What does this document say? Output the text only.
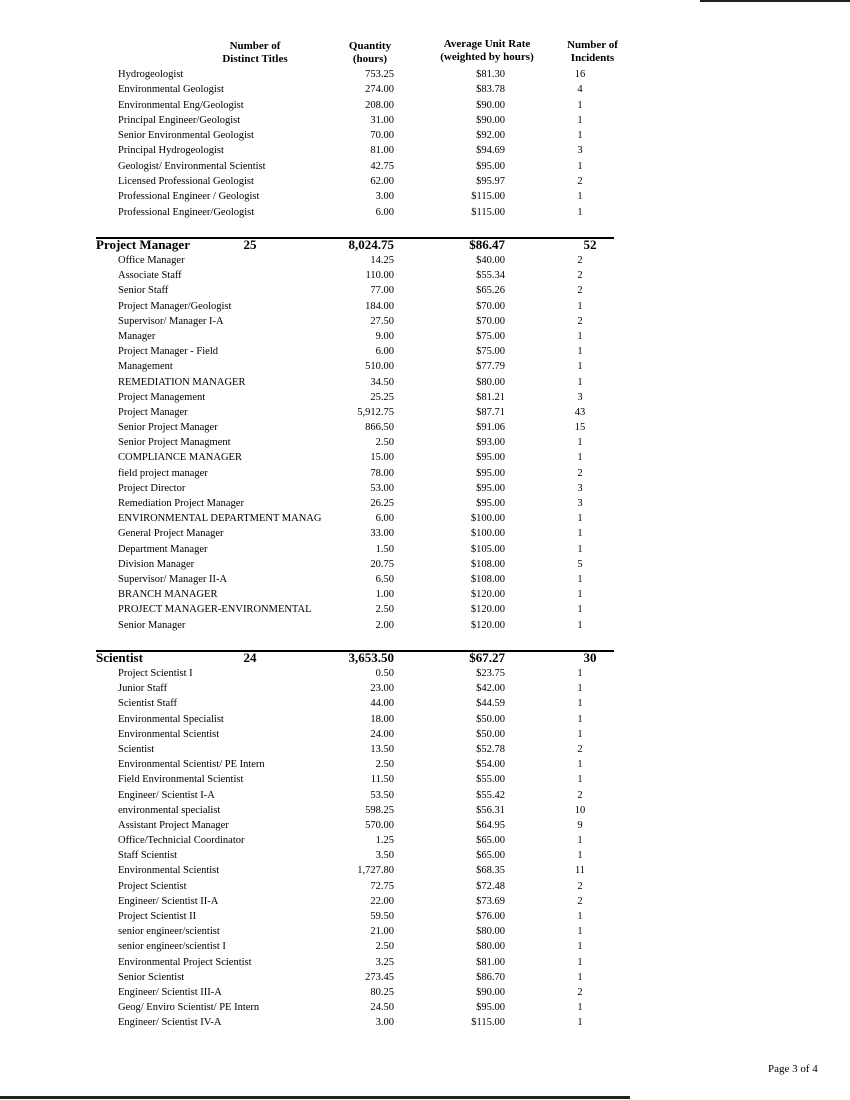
Number of
Distinct Titles
Quantity
(hours)
Average Unit Rate
(weighted by hours)
Number of
Incidents
Hydrogeologist	753.25	$81.30	16
Environmental Geologist	274.00	$83.78	4
Environmental Eng/Geologist	208.00	$90.00	1
Principal Engineer/Geologist	31.00	$90.00	1
Senior Environmental Geologist	70.00	$92.00	1
Principal Hydrogeologist	81.00	$94.69	3
Geologist/ Environmental Scientist	42.75	$95.00	1
Licensed Professional Geologist	62.00	$95.97	2
Professional Engineer / Geologist	3.00	$115.00	1
Professional Engineer/Geologist	6.00	$115.00	1
Project Manager	25	8,024.75	$86.47	52
Office Manager	14.25	$40.00	2
Associate Staff	110.00	$55.34	2
Senior Staff	77.00	$65.26	2
Project Manager/Geologist	184.00	$70.00	1
Supervisor/ Manager I-A	27.50	$70.00	2
Manager	9.00	$75.00	1
Project Manager - Field	6.00	$75.00	1
Management	510.00	$77.79	1
REMEDIATION MANAGER	34.50	$80.00	1
Project Management	25.25	$81.21	3
Project Manager	5,912.75	$87.71	43
Senior Project Manager	866.50	$91.06	15
Senior Project Managment	2.50	$93.00	1
COMPLIANCE MANAGER	15.00	$95.00	1
field project manager	78.00	$95.00	2
Project Director	53.00	$95.00	3
Remediation Project Manager	26.25	$95.00	3
ENVIRONMENTAL DEPARTMENT MANAG	6.00	$100.00	1
General Project Manager	33.00	$100.00	1
Department Manager	1.50	$105.00	1
Division Manager	20.75	$108.00	5
Supervisor/ Manager II-A	6.50	$108.00	1
BRANCH MANAGER	1.00	$120.00	1
PROJECT MANAGER-ENVIRONMENTAL	2.50	$120.00	1
Senior Manager	2.00	$120.00	1
Scientist	24	3,653.50	$67.27	30
Project Scientist I	0.50	$23.75	1
Junior Staff	23.00	$42.00	1
Scientist Staff	44.00	$44.59	1
Environmental Specialist	18.00	$50.00	1
Environmental Scientist	24.00	$50.00	1
Scientist	13.50	$52.78	2
Environmental Scientist/ PE Intern	2.50	$54.00	1
Field Environmental Scientist	11.50	$55.00	1
Engineer/ Scientist I-A	53.50	$55.42	2
environmental specialist	598.25	$56.31	10
Assistant Project Manager	570.00	$64.95	9
Office/Technicial Coordinator	1.25	$65.00	1
Staff Scientist	3.50	$65.00	1
Environmental Scientist	1,727.80	$68.35	11
Project Scientist	72.75	$72.48	2
Engineer/ Scientist II-A	22.00	$73.69	2
Project Scientist II	59.50	$76.00	1
senior engineer/scientist	21.00	$80.00	1
senior engineer/scientist I	2.50	$80.00	1
Environmental Project Scientist	3.25	$81.00	1
Senior Scientist	273.45	$86.70	1
Engineer/ Scientist III-A	80.25	$90.00	2
Geog/ Enviro Scientist/ PE Intern	24.50	$95.00	1
Engineer/ Scientist IV-A	3.00	$115.00	1
Page 3 of 4
